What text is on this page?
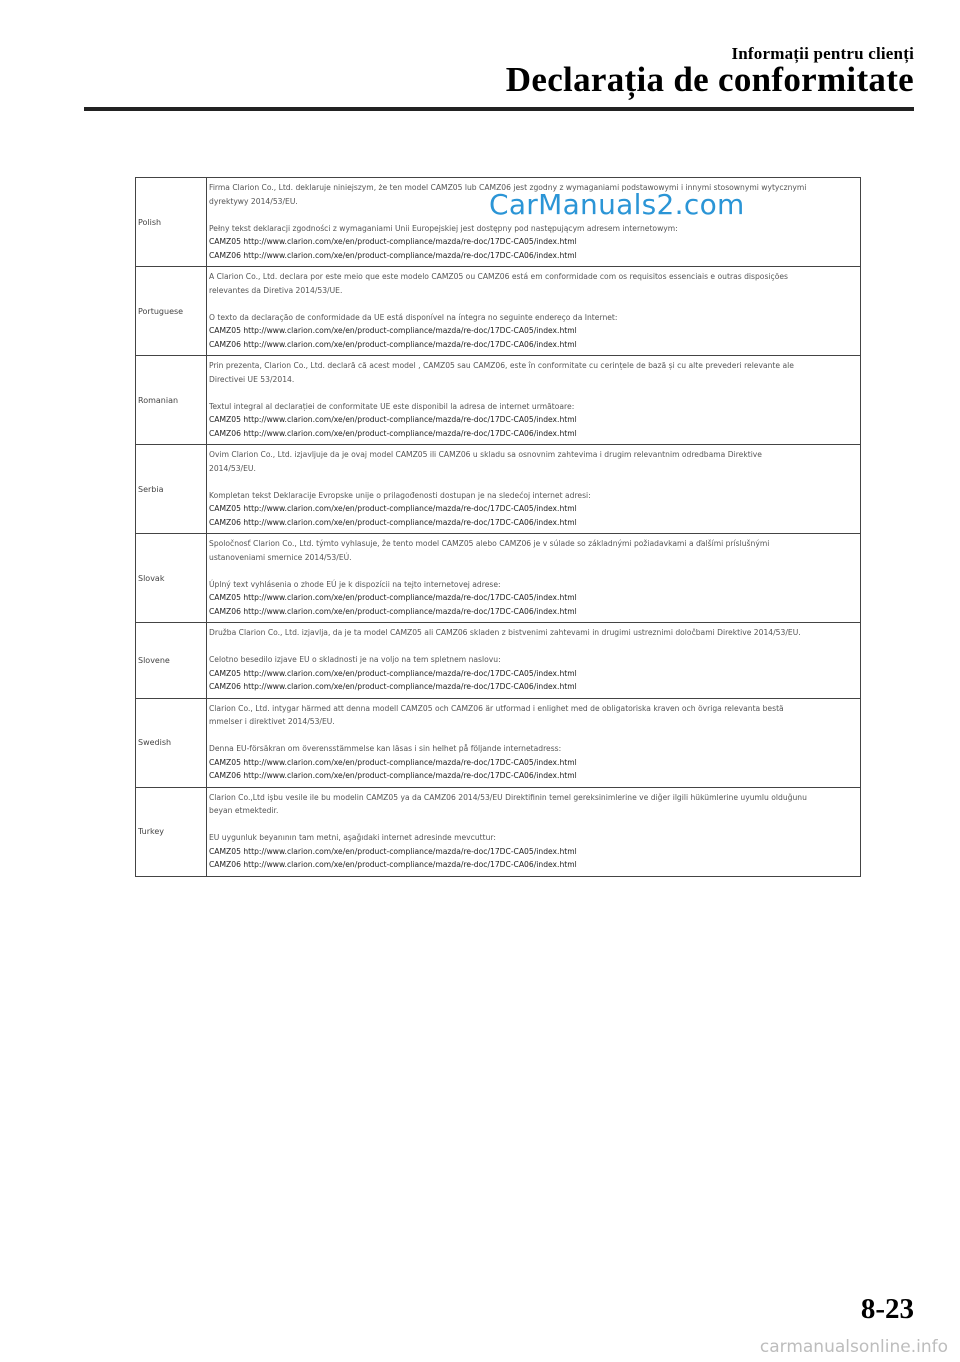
Informații pentru clienți
Declarația de conformitate
Polish	Firma Clarion Co., Ltd. deklaruje niniejszym, że ten model CAMZ05 lub CAMZ06 jest zgodny z wymaganiami podstawowymi i innymi stosownymi wytycznymi
dyrektywy 2014/53/EU.
Pełny tekst deklaracji zgodności z wymaganiami Unii Europejskiej jest dostępny pod następującym adresem internetowym:
CAMZ05 http://www.clarion.com/xe/en/product-compliance/mazda/re-doc/17DC-CA05/index.html
CAMZ06 http://www.clarion.com/xe/en/product-compliance/mazda/re-doc/17DC-CA06/index.html

Portuguese	A Clarion Co., Ltd. declara por este meio que este modelo CAMZ05 ou CAMZ06 está em conformidade com os requisitos essenciais e outras disposições
relevantes da Diretiva 2014/53/UE.
O texto da declaração de conformidade da UE está disponível na íntegra no seguinte endereço da Internet:
CAMZ05 http://www.clarion.com/xe/en/product-compliance/mazda/re-doc/17DC-CA05/index.html
CAMZ06 http://www.clarion.com/xe/en/product-compliance/mazda/re-doc/17DC-CA06/index.html

Romanian	Prin prezenta, Clarion Co., Ltd. declară că acest model , CAMZ05 sau CAMZ06, este în conformitate cu cerințele de bază și cu alte prevederi relevante ale
Directivei UE 53/2014.
Textul integral al declarației de conformitate UE este disponibil la adresa de internet următoare:
CAMZ05 http://www.clarion.com/xe/en/product-compliance/mazda/re-doc/17DC-CA05/index.html
CAMZ06 http://www.clarion.com/xe/en/product-compliance/mazda/re-doc/17DC-CA06/index.html

Serbia	Ovim Clarion Co., Ltd. izjavljuje da je ovaj model CAMZ05 ili CAMZ06 u skladu sa osnovnim zahtevima i drugim relevantnim odredbama Direktive
2014/53/EU.
Kompletan tekst Deklaracije Evropske unije o prilagođenosti dostupan je na sledećoj internet adresi:
CAMZ05 http://www.clarion.com/xe/en/product-compliance/mazda/re-doc/17DC-CA05/index.html
CAMZ06 http://www.clarion.com/xe/en/product-compliance/mazda/re-doc/17DC-CA06/index.html

Slovak	Spoločnosť Clarion Co., Ltd. týmto vyhlasuje, že tento model CAMZ05 alebo CAMZ06 je v súlade so základnými požiadavkami a ďalšími príslušnými
ustanoveniami smernice 2014/53/EÚ.
Úplný text vyhlásenia o zhode EÚ je k dispozícii na tejto internetovej adrese:
CAMZ05 http://www.clarion.com/xe/en/product-compliance/mazda/re-doc/17DC-CA05/index.html
CAMZ06 http://www.clarion.com/xe/en/product-compliance/mazda/re-doc/17DC-CA06/index.html

Slovene	Družba Clarion Co., Ltd. izjavlja, da je ta model CAMZ05 ali CAMZ06 skladen z bistvenimi zahtevami in drugimi ustreznimi določbami Direktive 2014/53/EU.
Celotno besedilo izjave EU o skladnosti je na voljo na tem spletnem naslovu:
CAMZ05 http://www.clarion.com/xe/en/product-compliance/mazda/re-doc/17DC-CA05/index.html
CAMZ06 http://www.clarion.com/xe/en/product-compliance/mazda/re-doc/17DC-CA06/index.html

Swedish	Clarion Co., Ltd. intygar härmed att denna modell CAMZ05 och CAMZ06 är utformad i enlighet med de obligatoriska kraven och övriga relevanta bestä
mmelser i direktivet 2014/53/EU.
Denna EU-försäkran om överensstämmelse kan läsas i sin helhet på följande internetadress:
CAMZ05 http://www.clarion.com/xe/en/product-compliance/mazda/re-doc/17DC-CA05/index.html
CAMZ06 http://www.clarion.com/xe/en/product-compliance/mazda/re-doc/17DC-CA06/index.html

Turkey	Clarion Co.,Ltd işbu vesile ile bu modelin CAMZ05 ya da CAMZ06 2014/53/EU Direktifinin temel gereksinimlerine ve diğer ilgili hükümlerine uyumlu olduğunu
beyan etmektedir.
EU uygunluk beyanının tam metni, aşağıdaki internet adresinde mevcuttur:
CAMZ05 http://www.clarion.com/xe/en/product-compliance/mazda/re-doc/17DC-CA05/index.html
CAMZ06 http://www.clarion.com/xe/en/product-compliance/mazda/re-doc/17DC-CA06/index.html
CarManuals2.com
8-23
carmanualsonline.info
